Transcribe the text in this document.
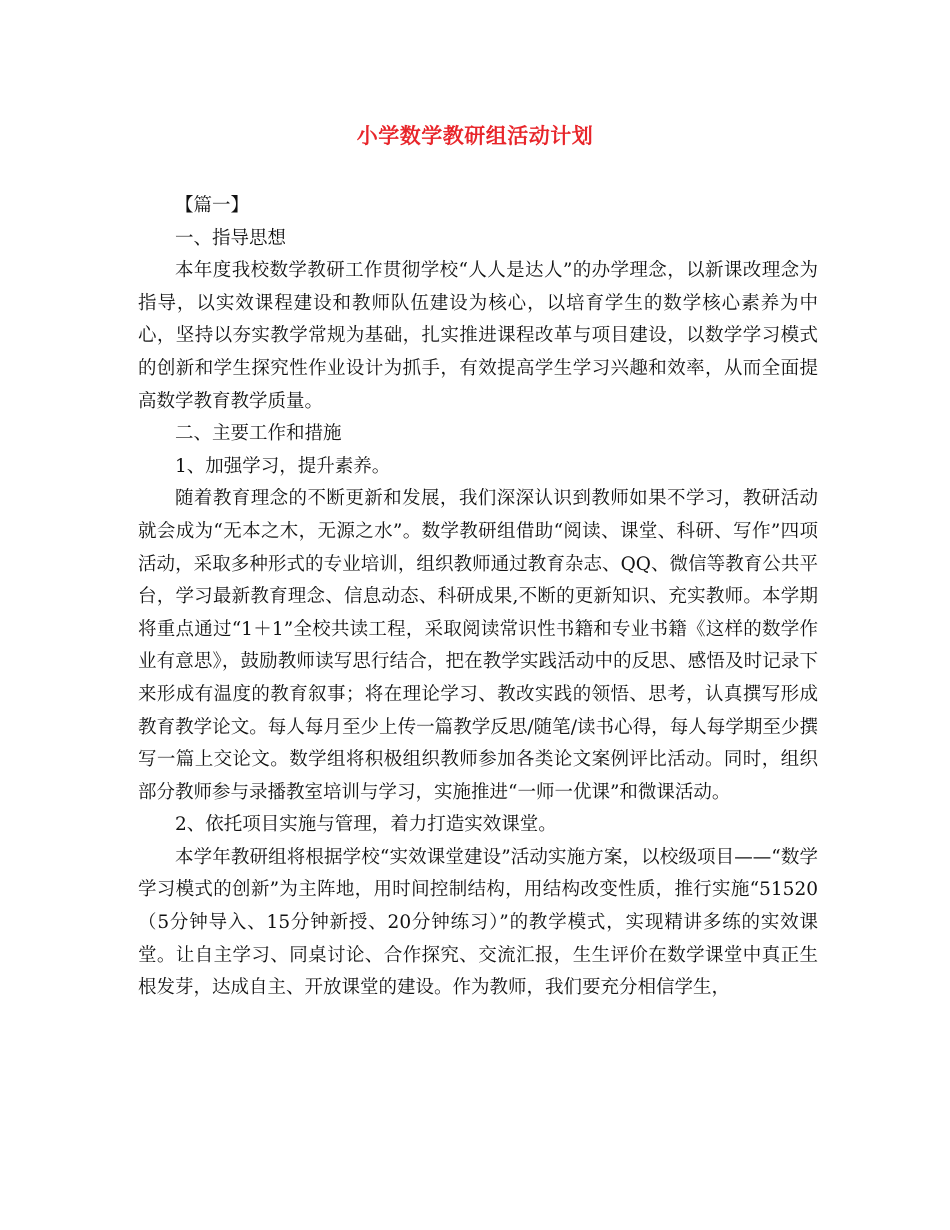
小学数学教研组活动计划

【篇一】

一、指导思想

本年度我校数学教研工作贯彻学校“人人是达人”的办学理念，以新课改理念为指导，以实效课程建设和教师队伍建设为核心，以培育学生的数学核心素养为中心，坚持以夯实教学常规为基础，扎实推进课程改革与项目建设，以数学学习模式的创新和学生探究性作业设计为抓手，有效提高学生学习兴趣和效率，从而全面提高数学教育教学质量。

二、主要工作和措施

1、加强学习，提升素养。

随着教育理念的不断更新和发展，我们深深认识到教师如果不学习，教研活动就会成为“无本之木，无源之水”。数学教研组借助“阅读、课堂、科研、写作”四项活动，采取多种形式的专业培训，组织教师通过教育杂志、QQ、微信等教育公共平台，学习最新教育理念、信息动态、科研成果,不断的更新知识、充实教师。本学期将重点通过“1＋1”全校共读工程，采取阅读常识性书籍和专业书籍《这样的数学作业有意思》，鼓励教师读写思行结合，把在教学实践活动中的反思、感悟及时记录下来形成有温度的教育叙事；将在理论学习、教改实践的领悟、思考，认真撰写形成教育教学论文。每人每月至少上传一篇教学反思/随笔/读书心得，每人每学期至少撰写一篇上交论文。数学组将积极组织教师参加各类论文案例评比活动。同时，组织部分教师参与录播教室培训与学习，实施推进“一师一优课”和微课活动。

2、依托项目实施与管理，着力打造实效课堂。

本学年教研组将根据学校“实效课堂建设”活动实施方案，以校级项目——“数学学习模式的创新”为主阵地，用时间控制结构，用结构改变性质，推行实施“51520（5分钟导入、15分钟新授、20分钟练习）”的教学模式，实现精讲多练的实效课堂。让自主学习、同桌讨论、合作探究、交流汇报，生生评价在数学课堂中真正生根发芽，达成自主、开放课堂的建设。作为教师，我们要充分相信学生，
